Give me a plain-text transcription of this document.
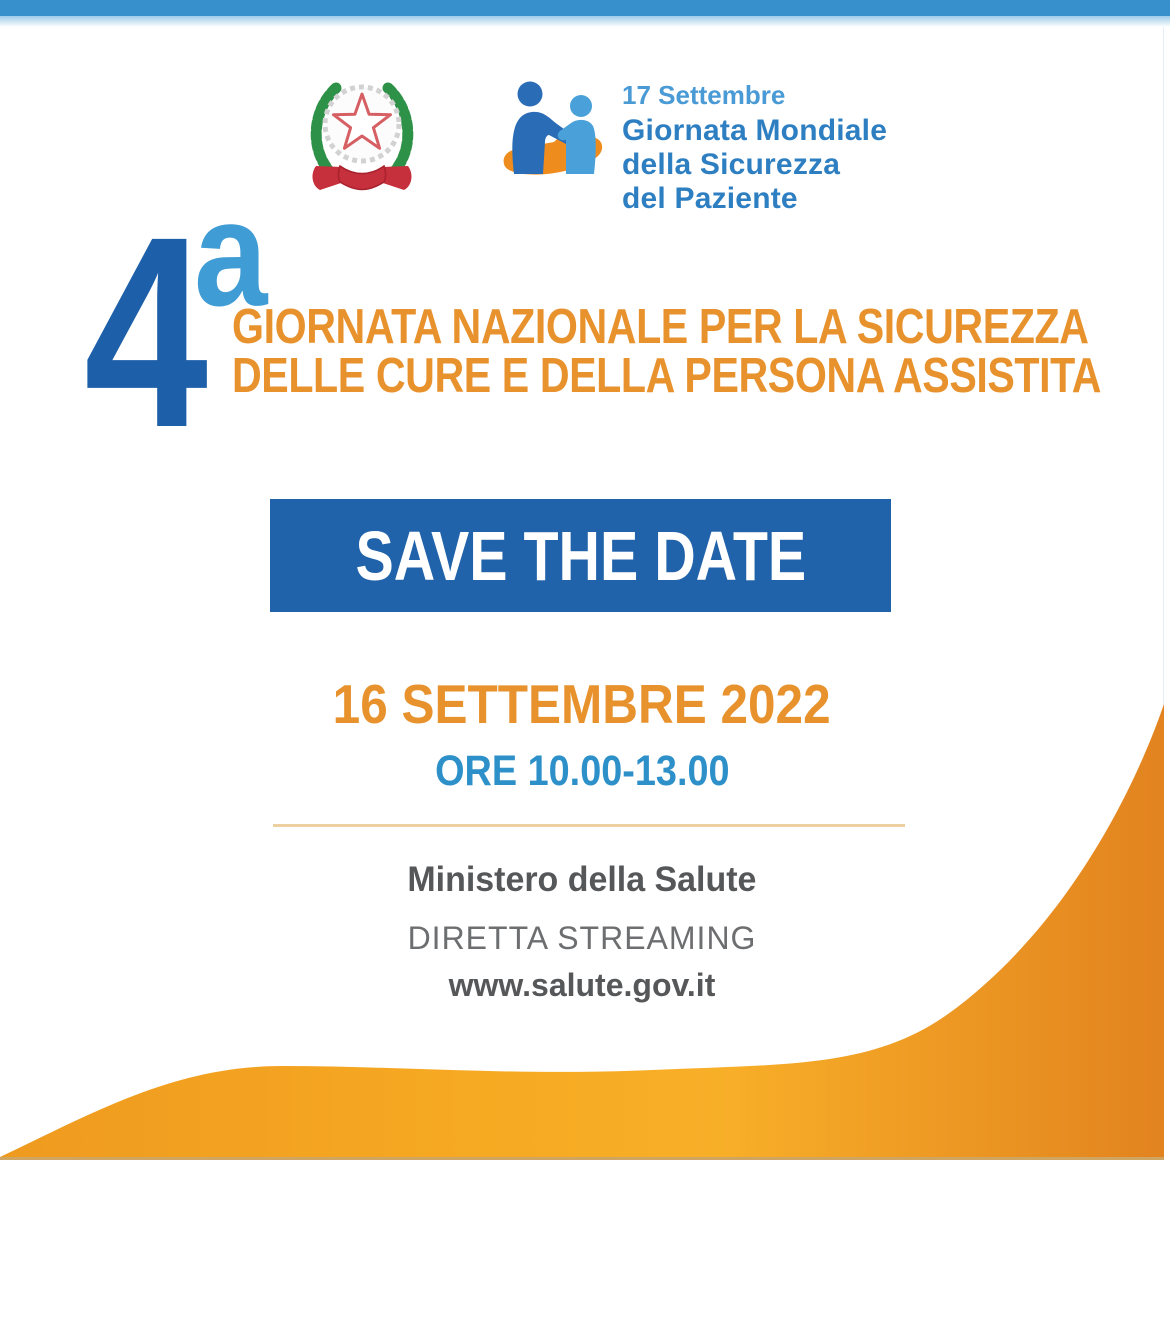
17 Settembre
Giornata Mondiale
della Sicurezza
del Paziente
4
a
GIORNATA NAZIONALE PER LA SICUREZZA
DELLE CURE E DELLA PERSONA ASSISTITA
SAVE THE DATE
16 SETTEMBRE 2022
ORE 10.00-13.00
Ministero della Salute
DIRETTA STREAMING
www.salute.gov.it
